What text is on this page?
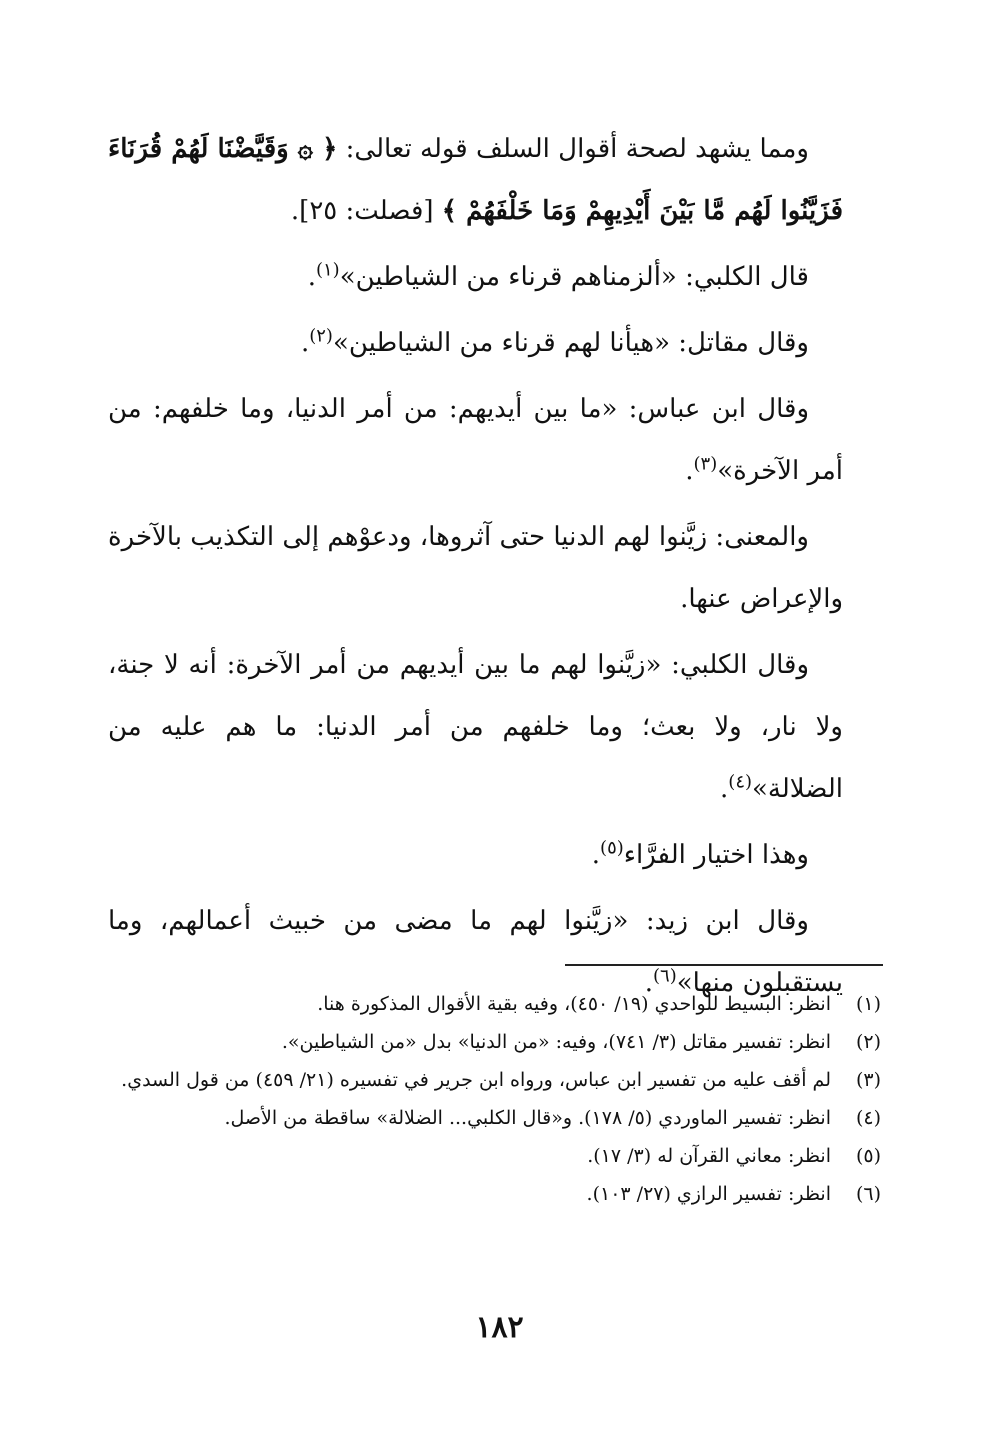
ومما يشهد لصحة أقوال السلف قوله تعالى: ﴿ ۞ وَقَيَّضْنَا لَهُمْ قُرَنَاءَ فَزَيَّنُوا لَهُم مَّا بَيْنَ أَيْدِيهِمْ وَمَا خَلْفَهُمْ ﴾ [فصلت: ٢٥].

قال الكلبي: «ألزمناهم قرناء من الشياطين»$^{(١)}$.

وقال مقاتل: «هيأنا لهم قرناء من الشياطين»$^{(٢)}$.

وقال ابن عباس: «ما بين أيديهم: من أمر الدنيا، وما خلفهم: من أمر الآخرة»$^{(٣)}$.

والمعنى: زيَّنوا لهم الدنيا حتى آثروها، ودعوْهم إلى التكذيب بالآخرة والإعراض عنها.

وقال الكلبي: «زيَّنوا لهم ما بين أيديهم من أمر الآخرة: أنه لا جنة، ولا نار، ولا بعث؛ وما خلفهم من أمر الدنيا: ما هم عليه من الضلالة»$^{(٤)}$.

وهذا اختيار الفرَّاء$^{(٥)}$.

وقال ابن زيد: «زيَّنوا لهم ما مضى من خبيث أعمالهم، وما يستقبلون منها»$^{(٦)}$.

(١)
انظر: البسيط للواحدي (١٩/ ٤٥٠)، وفيه بقية الأقوال المذكورة هنا.
(٢)
انظر: تفسير مقاتل (٣/ ٧٤١)، وفيه: «من الدنيا» بدل «من الشياطين».
(٣)
لم أقف عليه من تفسير ابن عباس، ورواه ابن جرير في تفسيره (٢١/ ٤٥٩) من قول السدي.
(٤)
انظر: تفسير الماوردي (٥/ ١٧٨). و«قال الكلبي... الضلالة» ساقطة من الأصل.
(٥)
انظر: معاني القرآن له (٣/ ١٧).
(٦)
انظر: تفسير الرازي (٢٧/ ١٠٣).
١٨٢
